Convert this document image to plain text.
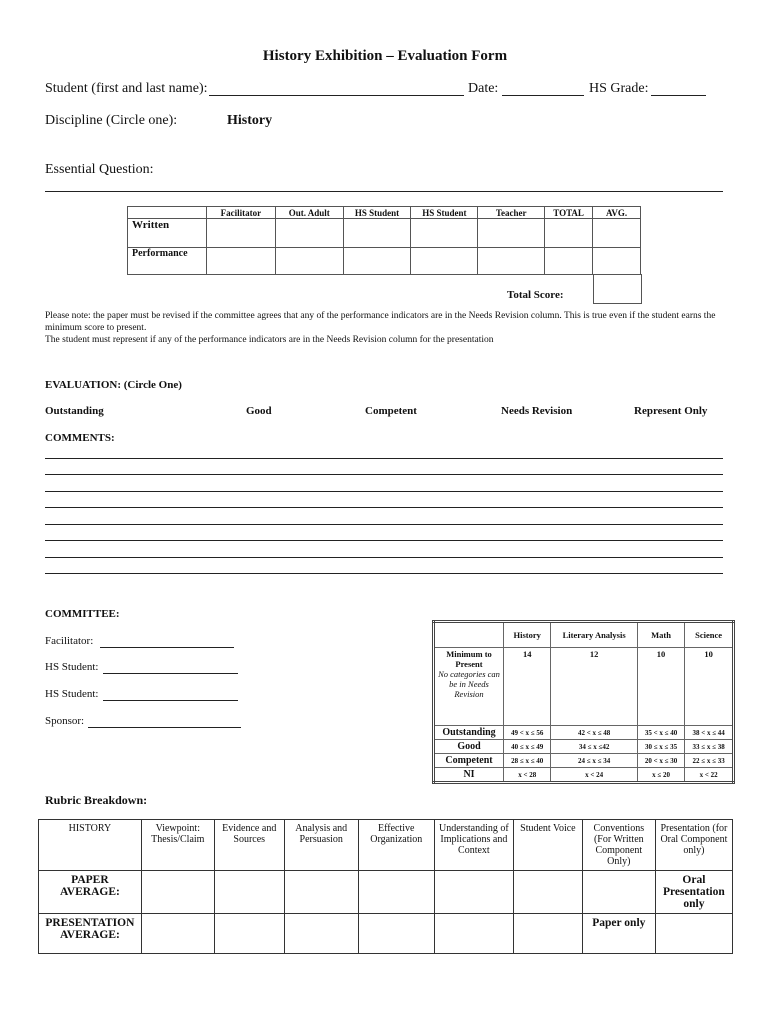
History Exhibition – Evaluation Form
Student (first and last name):	Date:	HS Grade:
Discipline (Circle one):	History
Essential Question:
	Facilitator	Out. Adult	HS Student	HS Student	Teacher	TOTAL	AVG.
Written							
Performance							
Total Score:
Please note: the paper must be revised if the committee agrees that any of the performance indicators are in the Needs Revision column. This is true even if the student earns the minimum score to present.
The student must represent if any of the performance indicators are in the Needs Revision column for the presentation
EVALUATION: (Circle One)
Outstanding	Good	Competent	Needs Revision	Represent Only
COMMENTS:
COMMITTEE:
Facilitator:
HS Student:
HS Student:
Sponsor:
	History	Literary Analysis	Math	Science

Minimum to Present
No categories can be in Needs Revision	14	12	10	10
Outstanding	49 < x ≤ 56	42 < x ≤ 48	35 < x ≤ 40	38 < x ≤ 44
Good	40 ≤ x ≤ 49	34 ≤ x ≤42	30 ≤ x ≤ 35	33 ≤ x ≤ 38
Competent	28 ≤ x ≤ 40	24 ≤ x ≤ 34	20 < x ≤ 30	22 ≤ x ≤ 33
NI	x < 28	x < 24	x ≤ 20	x < 22
Rubric Breakdown:
HISTORY	Viewpoint: Thesis/Claim	Evidence and Sources	Analysis and Persuasion	Effective Organization	Understanding of Implications and Context	Student Voice	Conventions (For Written Component Only)	Presentation (for Oral Component only)
PAPER AVERAGE:								Oral Presentation only
PRESENTATION AVERAGE:							Paper only	
